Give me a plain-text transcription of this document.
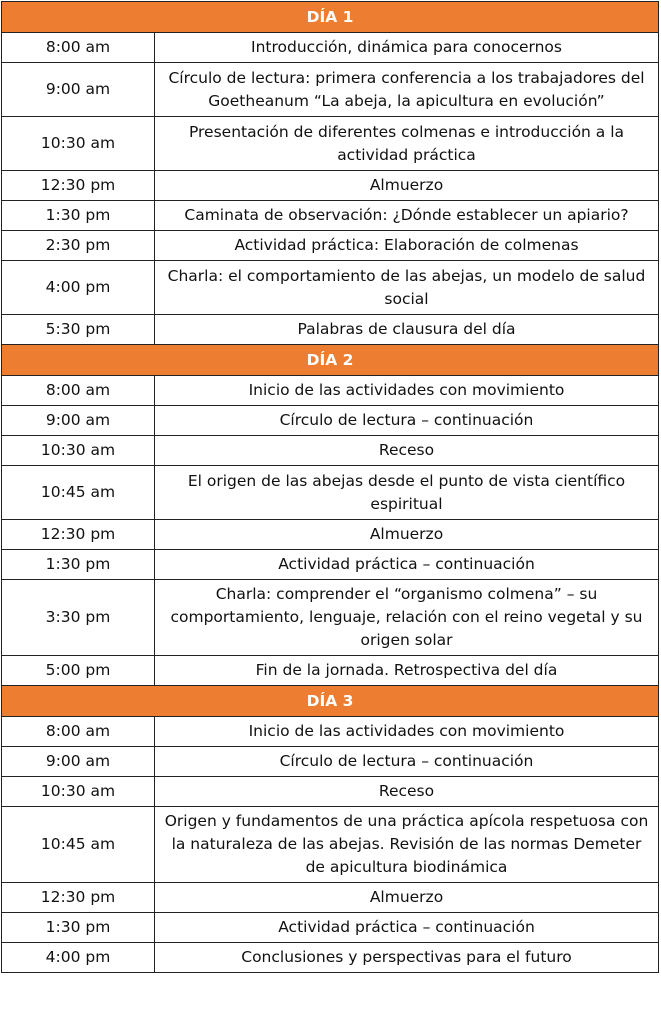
DÍA 1	
8:00 am	Introducción, dinámica para conocernos
9:00 am	Círculo de lectura: primera conferencia a los trabajadores del Goetheanum “La abeja, la apicultura en evolución”
10:30 am	Presentación de diferentes colmenas e introducción a la actividad práctica
12:30 pm	Almuerzo
1:30 pm	Caminata de observación: ¿Dónde establecer un apiario?
2:30 pm	Actividad práctica: Elaboración de colmenas
4:00 pm	Charla: el comportamiento de las abejas, un modelo de salud social
5:30 pm	Palabras de clausura del día
DÍA 2	
8:00 am	Inicio de las actividades con movimiento
9:00 am	Círculo de lectura – continuación
10:30 am	Receso
10:45 am	El origen de las abejas desde el punto de vista científico espiritual
12:30 pm	Almuerzo
1:30 pm	Actividad práctica – continuación
3:30 pm	Charla: comprender el “organismo colmena” – su comportamiento, lenguaje, relación con el reino vegetal y su origen solar
5:00 pm	Fin de la jornada. Retrospectiva del día
DÍA 3	
8:00 am	Inicio de las actividades con movimiento
9:00 am	Círculo de lectura – continuación
10:30 am	Receso
10:45 am	Origen y fundamentos de una práctica apícola respetuosa con la naturaleza de las abejas. Revisión de las normas Demeter de apicultura biodinámica
12:30 pm	Almuerzo
1:30 pm	Actividad práctica – continuación
4:00 pm	Conclusiones y perspectivas para el futuro
